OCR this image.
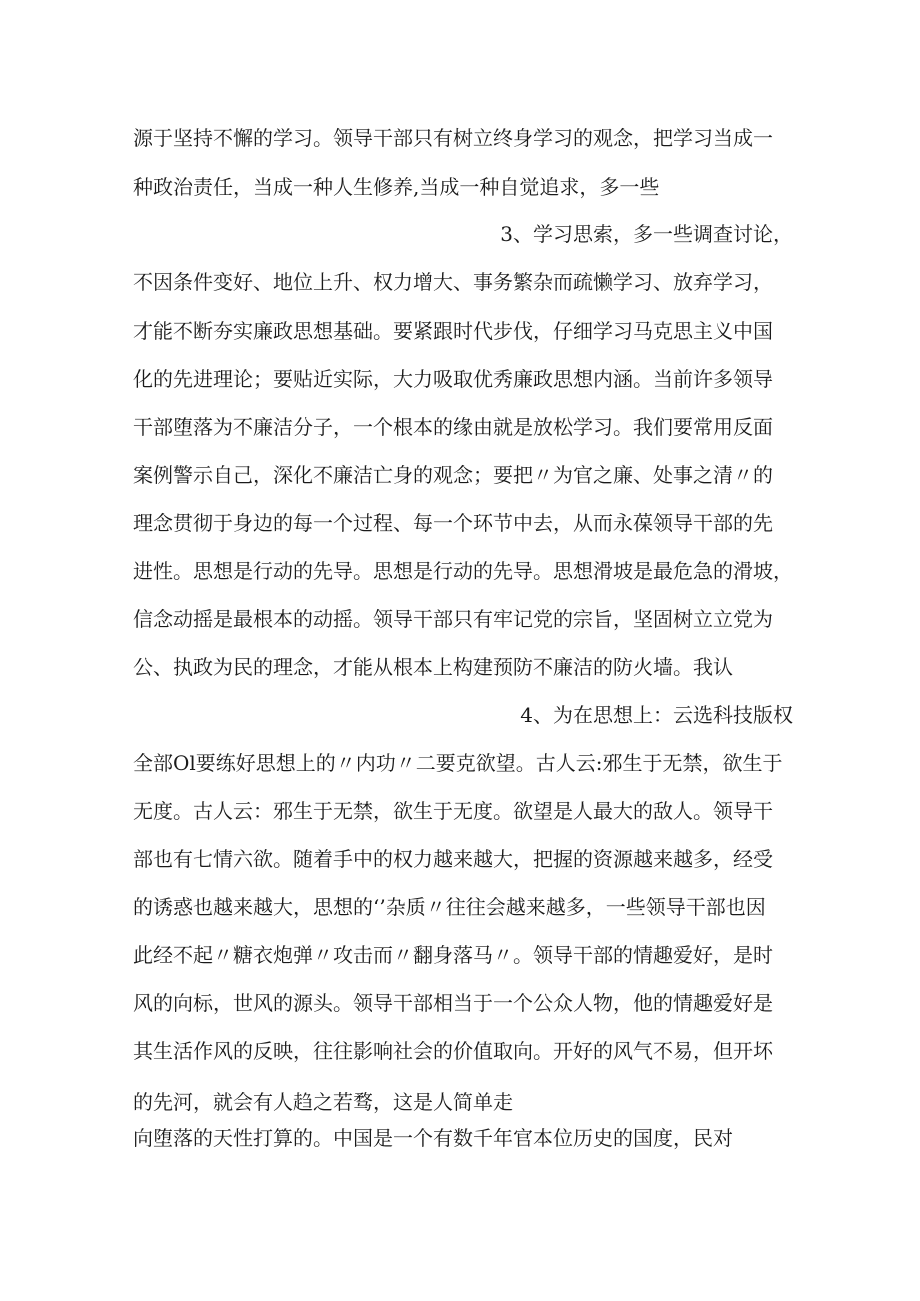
源于坚持不懈的学习。领导干部只有树立终身学习的观念，把学习当成一
种政治责任，当成一种人生修养,当成一种自觉追求，多一些
3、学习思索，多一些调查讨论，
不因条件变好、地位上升、权力增大、事务繁杂而疏懒学习、放弃学习，
才能不断夯实廉政思想基础。要紧跟时代步伐，仔细学习马克思主义中国
化的先进理论；要贴近实际，大力吸取优秀廉政思想内涵。当前许多领导
干部堕落为不廉洁分子，一个根本的缘由就是放松学习。我们要常用反面
案例警示自己，深化不廉洁亡身的观念；要把〃为官之廉、处事之清〃的
理念贯彻于身边的每一个过程、每一个环节中去，从而永葆领导干部的先
进性。思想是行动的先导。思想是行动的先导。思想滑坡是最危急的滑坡，
信念动摇是最根本的动摇。领导干部只有牢记党的宗旨，坚固树立立党为
公、执政为民的理念，才能从根本上构建预防不廉洁的防火墙。我认
4、为在思想上：云选科技版权
全部Ol要练好思想上的〃内功〃二要克欲望。古人云:邪生于无禁，欲生于
无度。古人云：邪生于无禁，欲生于无度。欲望是人最大的敌人。领导干
部也有七情六欲。随着手中的权力越来越大，把握的资源越来越多，经受
的诱惑也越来越大，思想的‘’杂质〃往往会越来越多，一些领导干部也因
此经不起〃糖衣炮弹〃攻击而〃翻身落马〃。领导干部的情趣爱好，是时
风的向标，世风的源头。领导干部相当于一个公众人物，他的情趣爱好是
其生活作风的反映，往往影响社会的价值取向。开好的风气不易，但开坏
的先河，就会有人趋之若骛，这是人简单走
向堕落的天性打算的。中国是一个有数千年官本位历史的国度，民对
